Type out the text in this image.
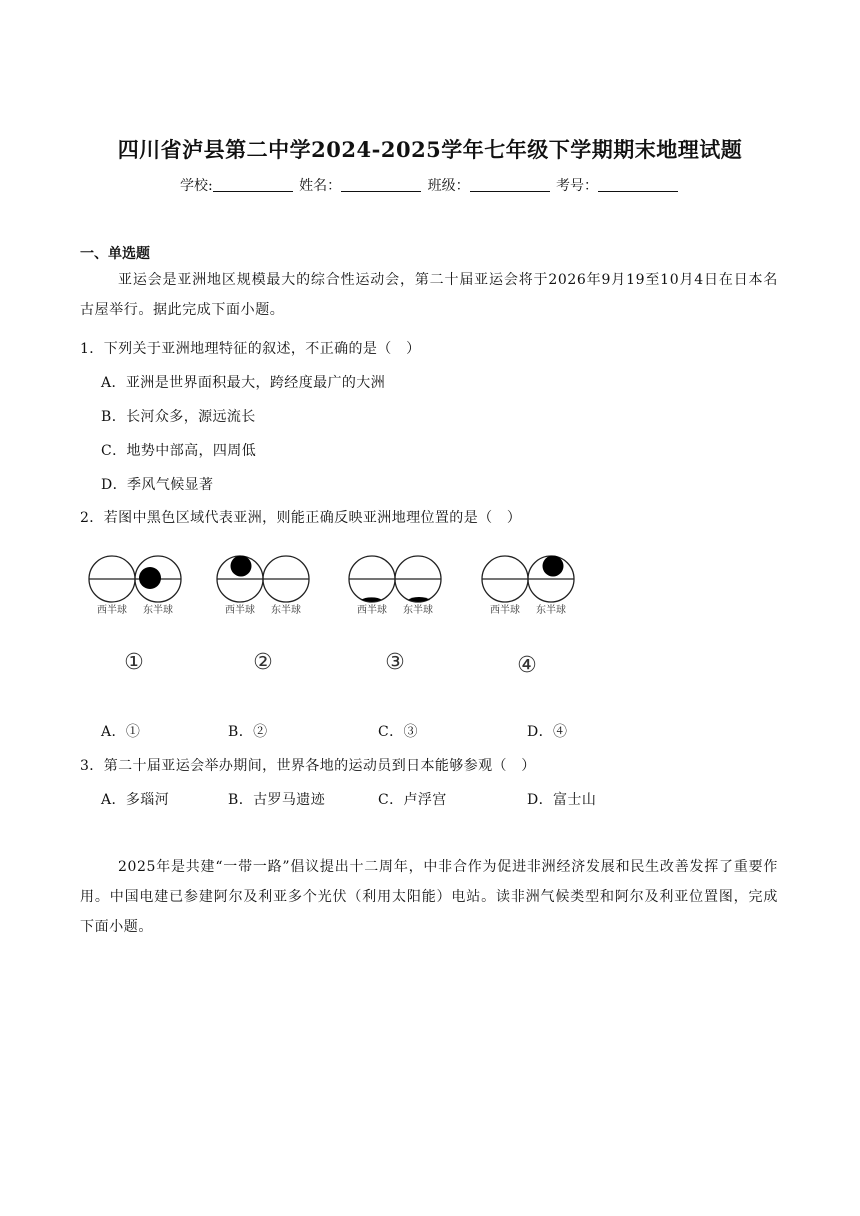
四川省泸县第二中学2024-2025学年七年级下学期期末地理试题
学校:	姓名：	班级：	考号：
一、单选题
亚运会是亚洲地区规模最大的综合性运动会，第二十届亚运会将于2026年9月19至10月4日在日本名古屋举行。据此完成下面小题。
1．下列关于亚洲地理特征的叙述，不正确的是（　）
A．亚洲是世界面积最大，跨经度最广的大洲
B．长河众多，源远流长
C．地势中部高，四周低
D．季风气候显著
2．若图中黑色区域代表亚洲，则能正确反映亚洲地理位置的是（　）
西半球 东半球
①
西半球 东半球
②
西半球 东半球
③
西半球 东半球
④
A．①	B．②	C．③	D．④
3．第二十届亚运会举办期间，世界各地的运动员到日本能够参观（　）
A．多瑙河	B．古罗马遗迹	C．卢浮宫	D．富士山
2025年是共建“一带一路”倡议提出十二周年，中非合作为促进非洲经济发展和民生改善发挥了重要作用。中国电建已参建阿尔及利亚多个光伏（利用太阳能）电站。读非洲气候类型和阿尔及利亚位置图，完成下面小题。
